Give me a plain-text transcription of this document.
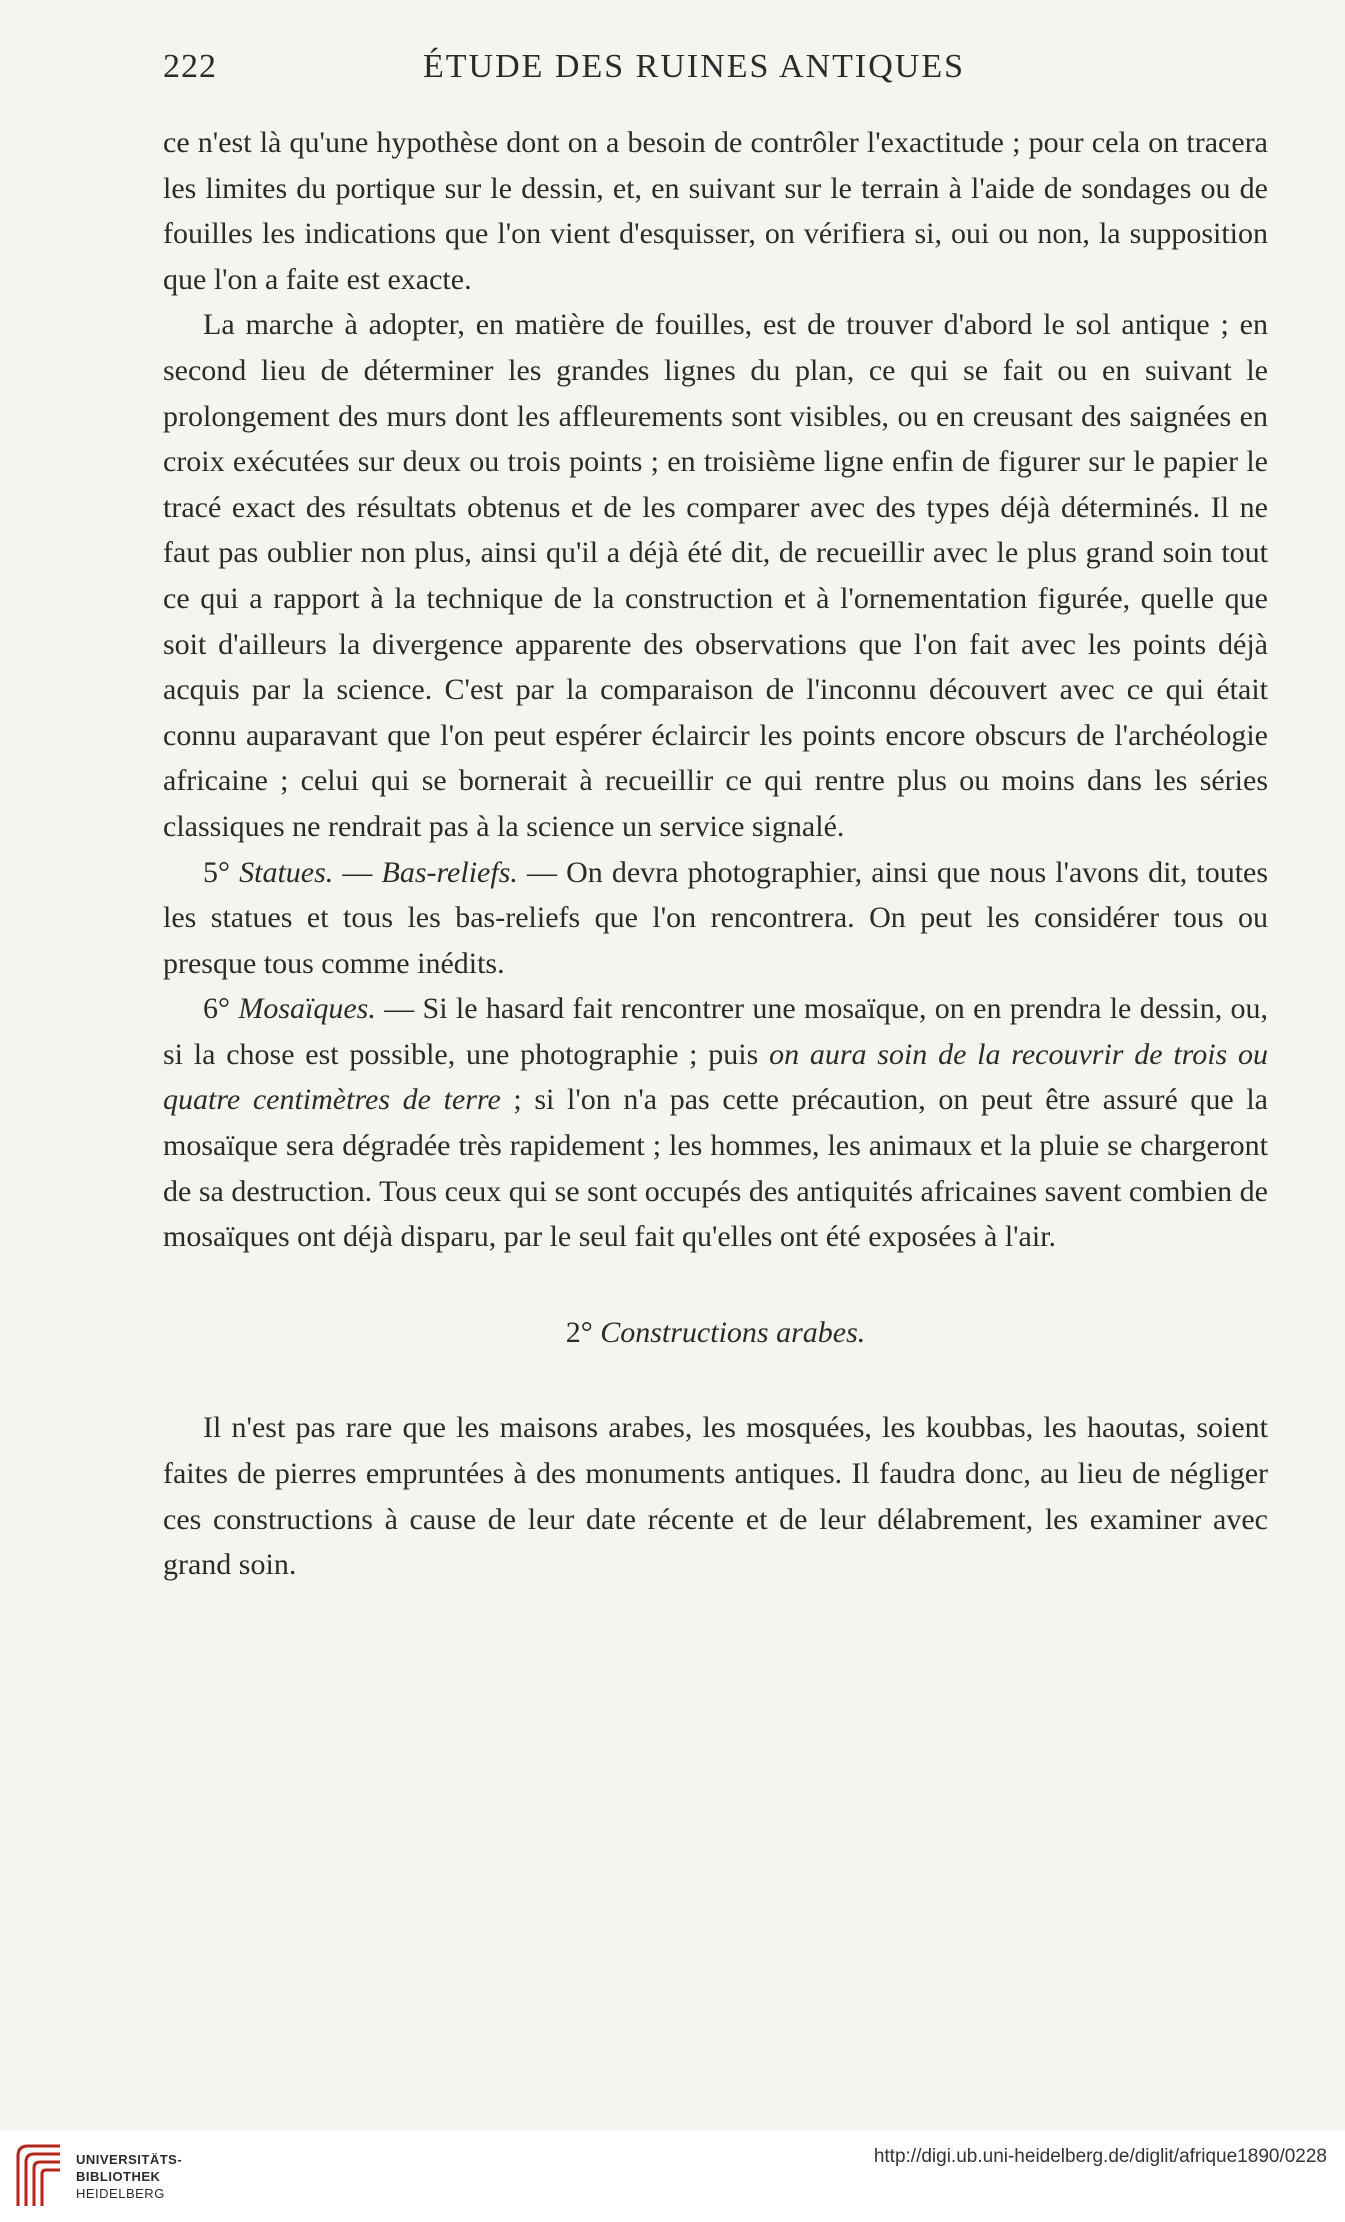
222	ÉTUDE DES RUINES ANTIQUES

ce n'est là qu'une hypothèse dont on a besoin de contrôler l'exactitude ; pour cela on tracera les limites du portique sur le dessin, et, en suivant sur le terrain à l'aide de sondages ou de fouilles les indications que l'on vient d'esquisser, on vérifiera si, oui ou non, la supposition que l'on a faite est exacte.

La marche à adopter, en matière de fouilles, est de trouver d'abord le sol antique ; en second lieu de déterminer les grandes lignes du plan, ce qui se fait ou en suivant le prolongement des murs dont les affleurements sont visibles, ou en creusant des saignées en croix exécutées sur deux ou trois points ; en troisième ligne enfin de figurer sur le papier le tracé exact des résultats obtenus et de les comparer avec des types déjà déterminés. Il ne faut pas oublier non plus, ainsi qu'il a déjà été dit, de recueillir avec le plus grand soin tout ce qui a rapport à la technique de la construction et à l'ornementation figurée, quelle que soit d'ailleurs la divergence apparente des observations que l'on fait avec les points déjà acquis par la science. C'est par la comparaison de l'inconnu découvert avec ce qui était connu auparavant que l'on peut espérer éclaircir les points encore obscurs de l'archéologie africaine ; celui qui se bornerait à recueillir ce qui rentre plus ou moins dans les séries classiques ne rendrait pas à la science un service signalé.

5° Statues. — Bas-reliefs. — On devra photographier, ainsi que nous l'avons dit, toutes les statues et tous les bas-reliefs que l'on rencontrera. On peut les considérer tous ou presque tous comme inédits.

6° Mosaïques. — Si le hasard fait rencontrer une mosaïque, on en prendra le dessin, ou, si la chose est possible, une photographie ; puis on aura soin de la recouvrir de trois ou quatre centimètres de terre ; si l'on n'a pas cette précaution, on peut être assuré que la mosaïque sera dégradée très rapidement ; les hommes, les animaux et la pluie se chargeront de sa destruction. Tous ceux qui se sont occupés des antiquités africaines savent combien de mosaïques ont déjà disparu, par le seul fait qu'elles ont été exposées à l'air.

2° Constructions arabes.

Il n'est pas rare que les maisons arabes, les mosquées, les koubbas, les haoutas, soient faites de pierres empruntées à des monuments antiques. Il faudra donc, au lieu de négliger ces constructions à cause de leur date récente et de leur délabrement, les examiner avec grand soin.

UNIVERSITÄTS-
BIBLIOTHEK
HEIDELBERG
http://digi.ub.uni-heidelberg.de/diglit/afrique1890/0228
